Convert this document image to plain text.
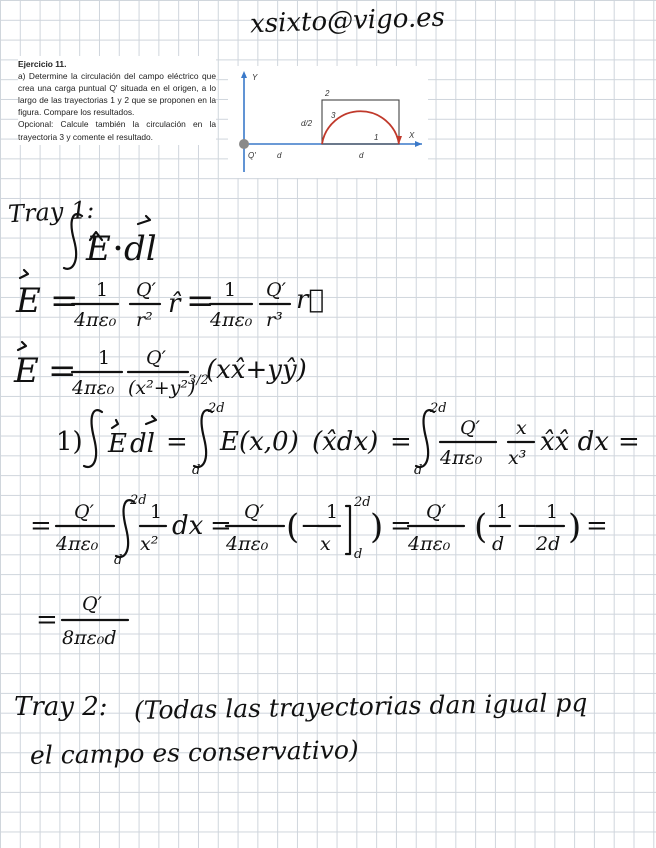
xsixto@vigo.es

Ejercicio 11.

a) Determine la circulación del campo eléctrico que crea una carga puntual Q' situada en el origen, a lo largo de las trayectorias 1 y 2 que se proponen en la figura. Compare los resultados.

Opcional: Calcule también la circulación en la trayectoria 3 y comente el resultado.

Y
X
Q'	d	d
2
3
1
d/2
Tray 1:
E dl
E = 1
4πε₀
Q′
r²
r̂ = 1
4πε₀
Q′
r³
r⃗
E = 1
4πε₀
Q′
(x²+y²)
3/2
(xx̂+yŷ)
1) E dl =
2d
d
E(x,0) (x̂dx) =
2d
d
Q′
4πε₀
x
x³
x̂x̂ dx =
= Q′
4πε₀
2d
d
1
x²
dx = Q′
4πε₀ ( − 1
x
2d
d
) = Q′
4πε₀ ( 1
d
− 1
2d ) =
=
Q′
8πε₀d
Tray 2: (Todas las trayectorias dan igual pq
el campo es conservativo)
